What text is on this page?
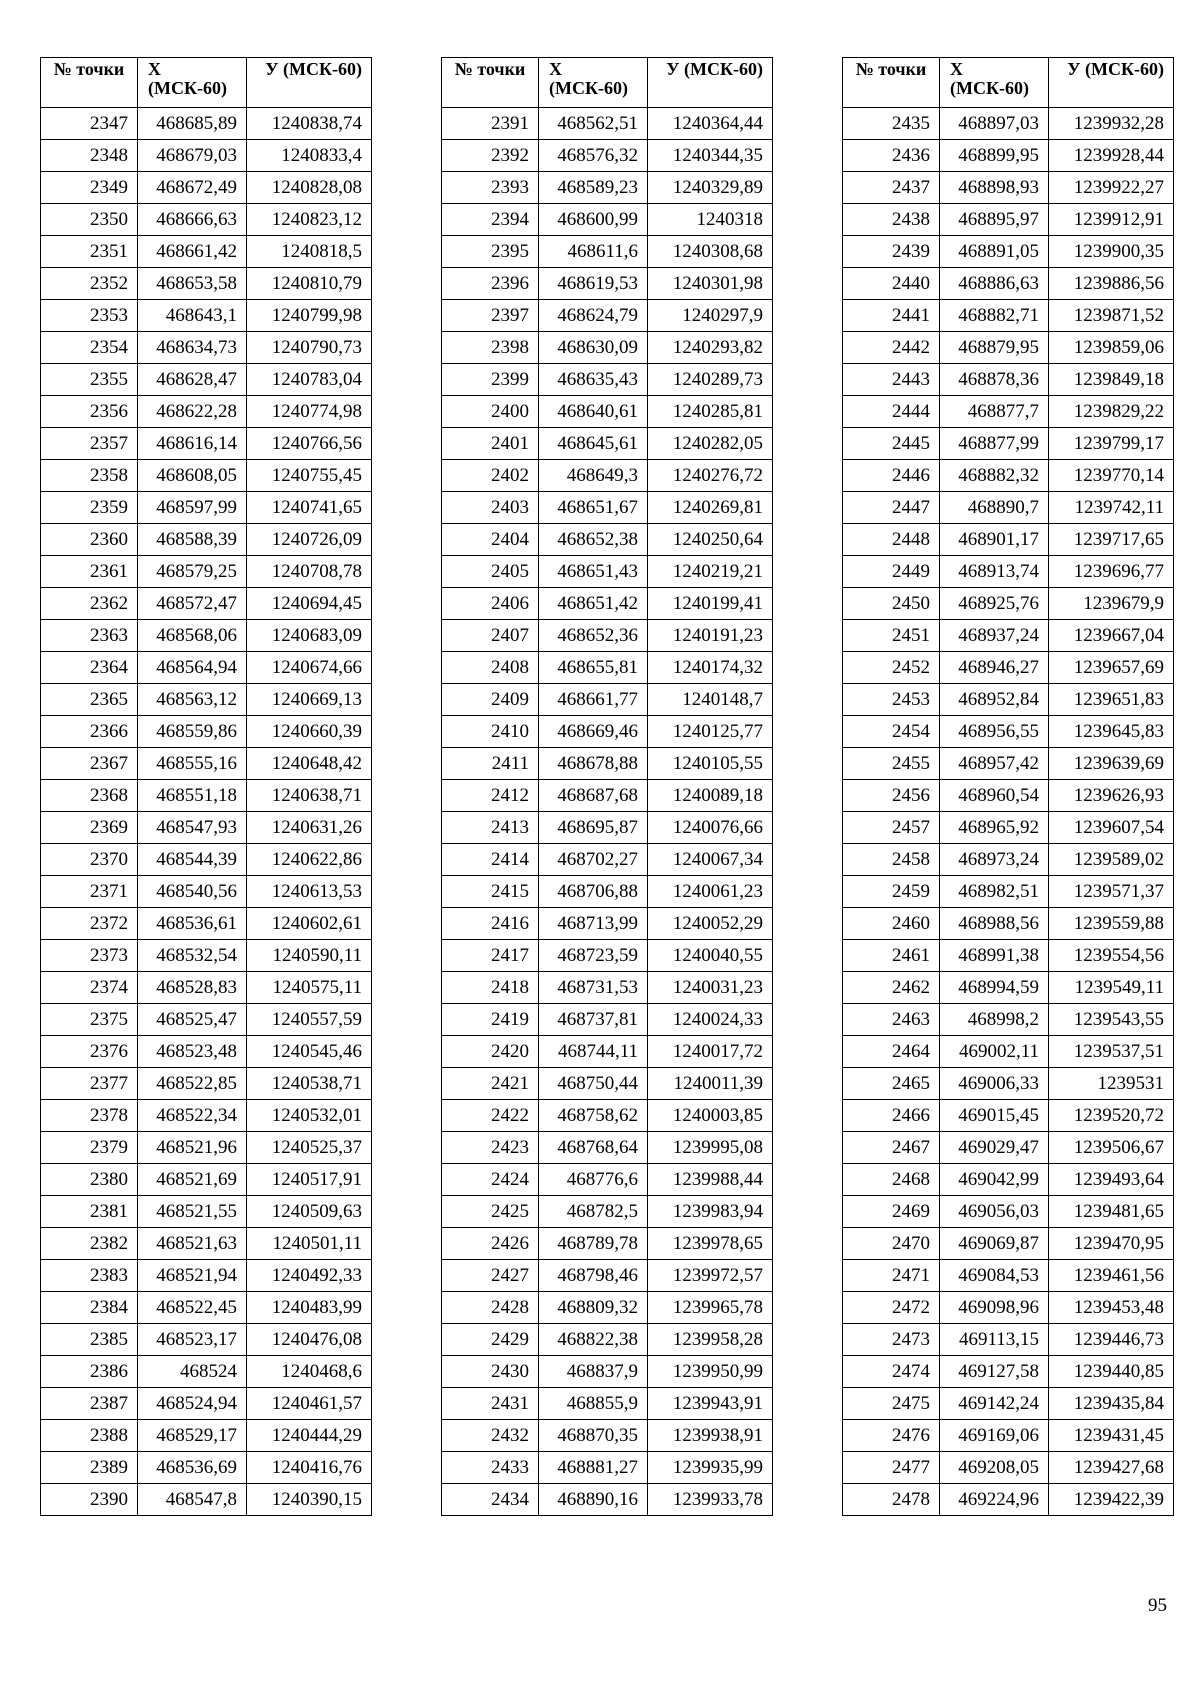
№ точки	Х (МСК-60)	У (МСК-60)
2347	468685,89	1240838,74
2348	468679,03	1240833,4
2349	468672,49	1240828,08
2350	468666,63	1240823,12
2351	468661,42	1240818,5
2352	468653,58	1240810,79
2353	468643,1	1240799,98
2354	468634,73	1240790,73
2355	468628,47	1240783,04
2356	468622,28	1240774,98
2357	468616,14	1240766,56
2358	468608,05	1240755,45
2359	468597,99	1240741,65
2360	468588,39	1240726,09
2361	468579,25	1240708,78
2362	468572,47	1240694,45
2363	468568,06	1240683,09
2364	468564,94	1240674,66
2365	468563,12	1240669,13
2366	468559,86	1240660,39
2367	468555,16	1240648,42
2368	468551,18	1240638,71
2369	468547,93	1240631,26
2370	468544,39	1240622,86
2371	468540,56	1240613,53
2372	468536,61	1240602,61
2373	468532,54	1240590,11
2374	468528,83	1240575,11
2375	468525,47	1240557,59
2376	468523,48	1240545,46
2377	468522,85	1240538,71
2378	468522,34	1240532,01
2379	468521,96	1240525,37
2380	468521,69	1240517,91
2381	468521,55	1240509,63
2382	468521,63	1240501,11
2383	468521,94	1240492,33
2384	468522,45	1240483,99
2385	468523,17	1240476,08
2386	468524	1240468,6
2387	468524,94	1240461,57
2388	468529,17	1240444,29
2389	468536,69	1240416,76
2390	468547,8	1240390,15
№ точки	Х (МСК-60)	У (МСК-60)
2391	468562,51	1240364,44
2392	468576,32	1240344,35
2393	468589,23	1240329,89
2394	468600,99	1240318
2395	468611,6	1240308,68
2396	468619,53	1240301,98
2397	468624,79	1240297,9
2398	468630,09	1240293,82
2399	468635,43	1240289,73
2400	468640,61	1240285,81
2401	468645,61	1240282,05
2402	468649,3	1240276,72
2403	468651,67	1240269,81
2404	468652,38	1240250,64
2405	468651,43	1240219,21
2406	468651,42	1240199,41
2407	468652,36	1240191,23
2408	468655,81	1240174,32
2409	468661,77	1240148,7
2410	468669,46	1240125,77
2411	468678,88	1240105,55
2412	468687,68	1240089,18
2413	468695,87	1240076,66
2414	468702,27	1240067,34
2415	468706,88	1240061,23
2416	468713,99	1240052,29
2417	468723,59	1240040,55
2418	468731,53	1240031,23
2419	468737,81	1240024,33
2420	468744,11	1240017,72
2421	468750,44	1240011,39
2422	468758,62	1240003,85
2423	468768,64	1239995,08
2424	468776,6	1239988,44
2425	468782,5	1239983,94
2426	468789,78	1239978,65
2427	468798,46	1239972,57
2428	468809,32	1239965,78
2429	468822,38	1239958,28
2430	468837,9	1239950,99
2431	468855,9	1239943,91
2432	468870,35	1239938,91
2433	468881,27	1239935,99
2434	468890,16	1239933,78
№ точки	Х (МСК-60)	У (МСК-60)
2435	468897,03	1239932,28
2436	468899,95	1239928,44
2437	468898,93	1239922,27
2438	468895,97	1239912,91
2439	468891,05	1239900,35
2440	468886,63	1239886,56
2441	468882,71	1239871,52
2442	468879,95	1239859,06
2443	468878,36	1239849,18
2444	468877,7	1239829,22
2445	468877,99	1239799,17
2446	468882,32	1239770,14
2447	468890,7	1239742,11
2448	468901,17	1239717,65
2449	468913,74	1239696,77
2450	468925,76	1239679,9
2451	468937,24	1239667,04
2452	468946,27	1239657,69
2453	468952,84	1239651,83
2454	468956,55	1239645,83
2455	468957,42	1239639,69
2456	468960,54	1239626,93
2457	468965,92	1239607,54
2458	468973,24	1239589,02
2459	468982,51	1239571,37
2460	468988,56	1239559,88
2461	468991,38	1239554,56
2462	468994,59	1239549,11
2463	468998,2	1239543,55
2464	469002,11	1239537,51
2465	469006,33	1239531
2466	469015,45	1239520,72
2467	469029,47	1239506,67
2468	469042,99	1239493,64
2469	469056,03	1239481,65
2470	469069,87	1239470,95
2471	469084,53	1239461,56
2472	469098,96	1239453,48
2473	469113,15	1239446,73
2474	469127,58	1239440,85
2475	469142,24	1239435,84
2476	469169,06	1239431,45
2477	469208,05	1239427,68
2478	469224,96	1239422,39
95
